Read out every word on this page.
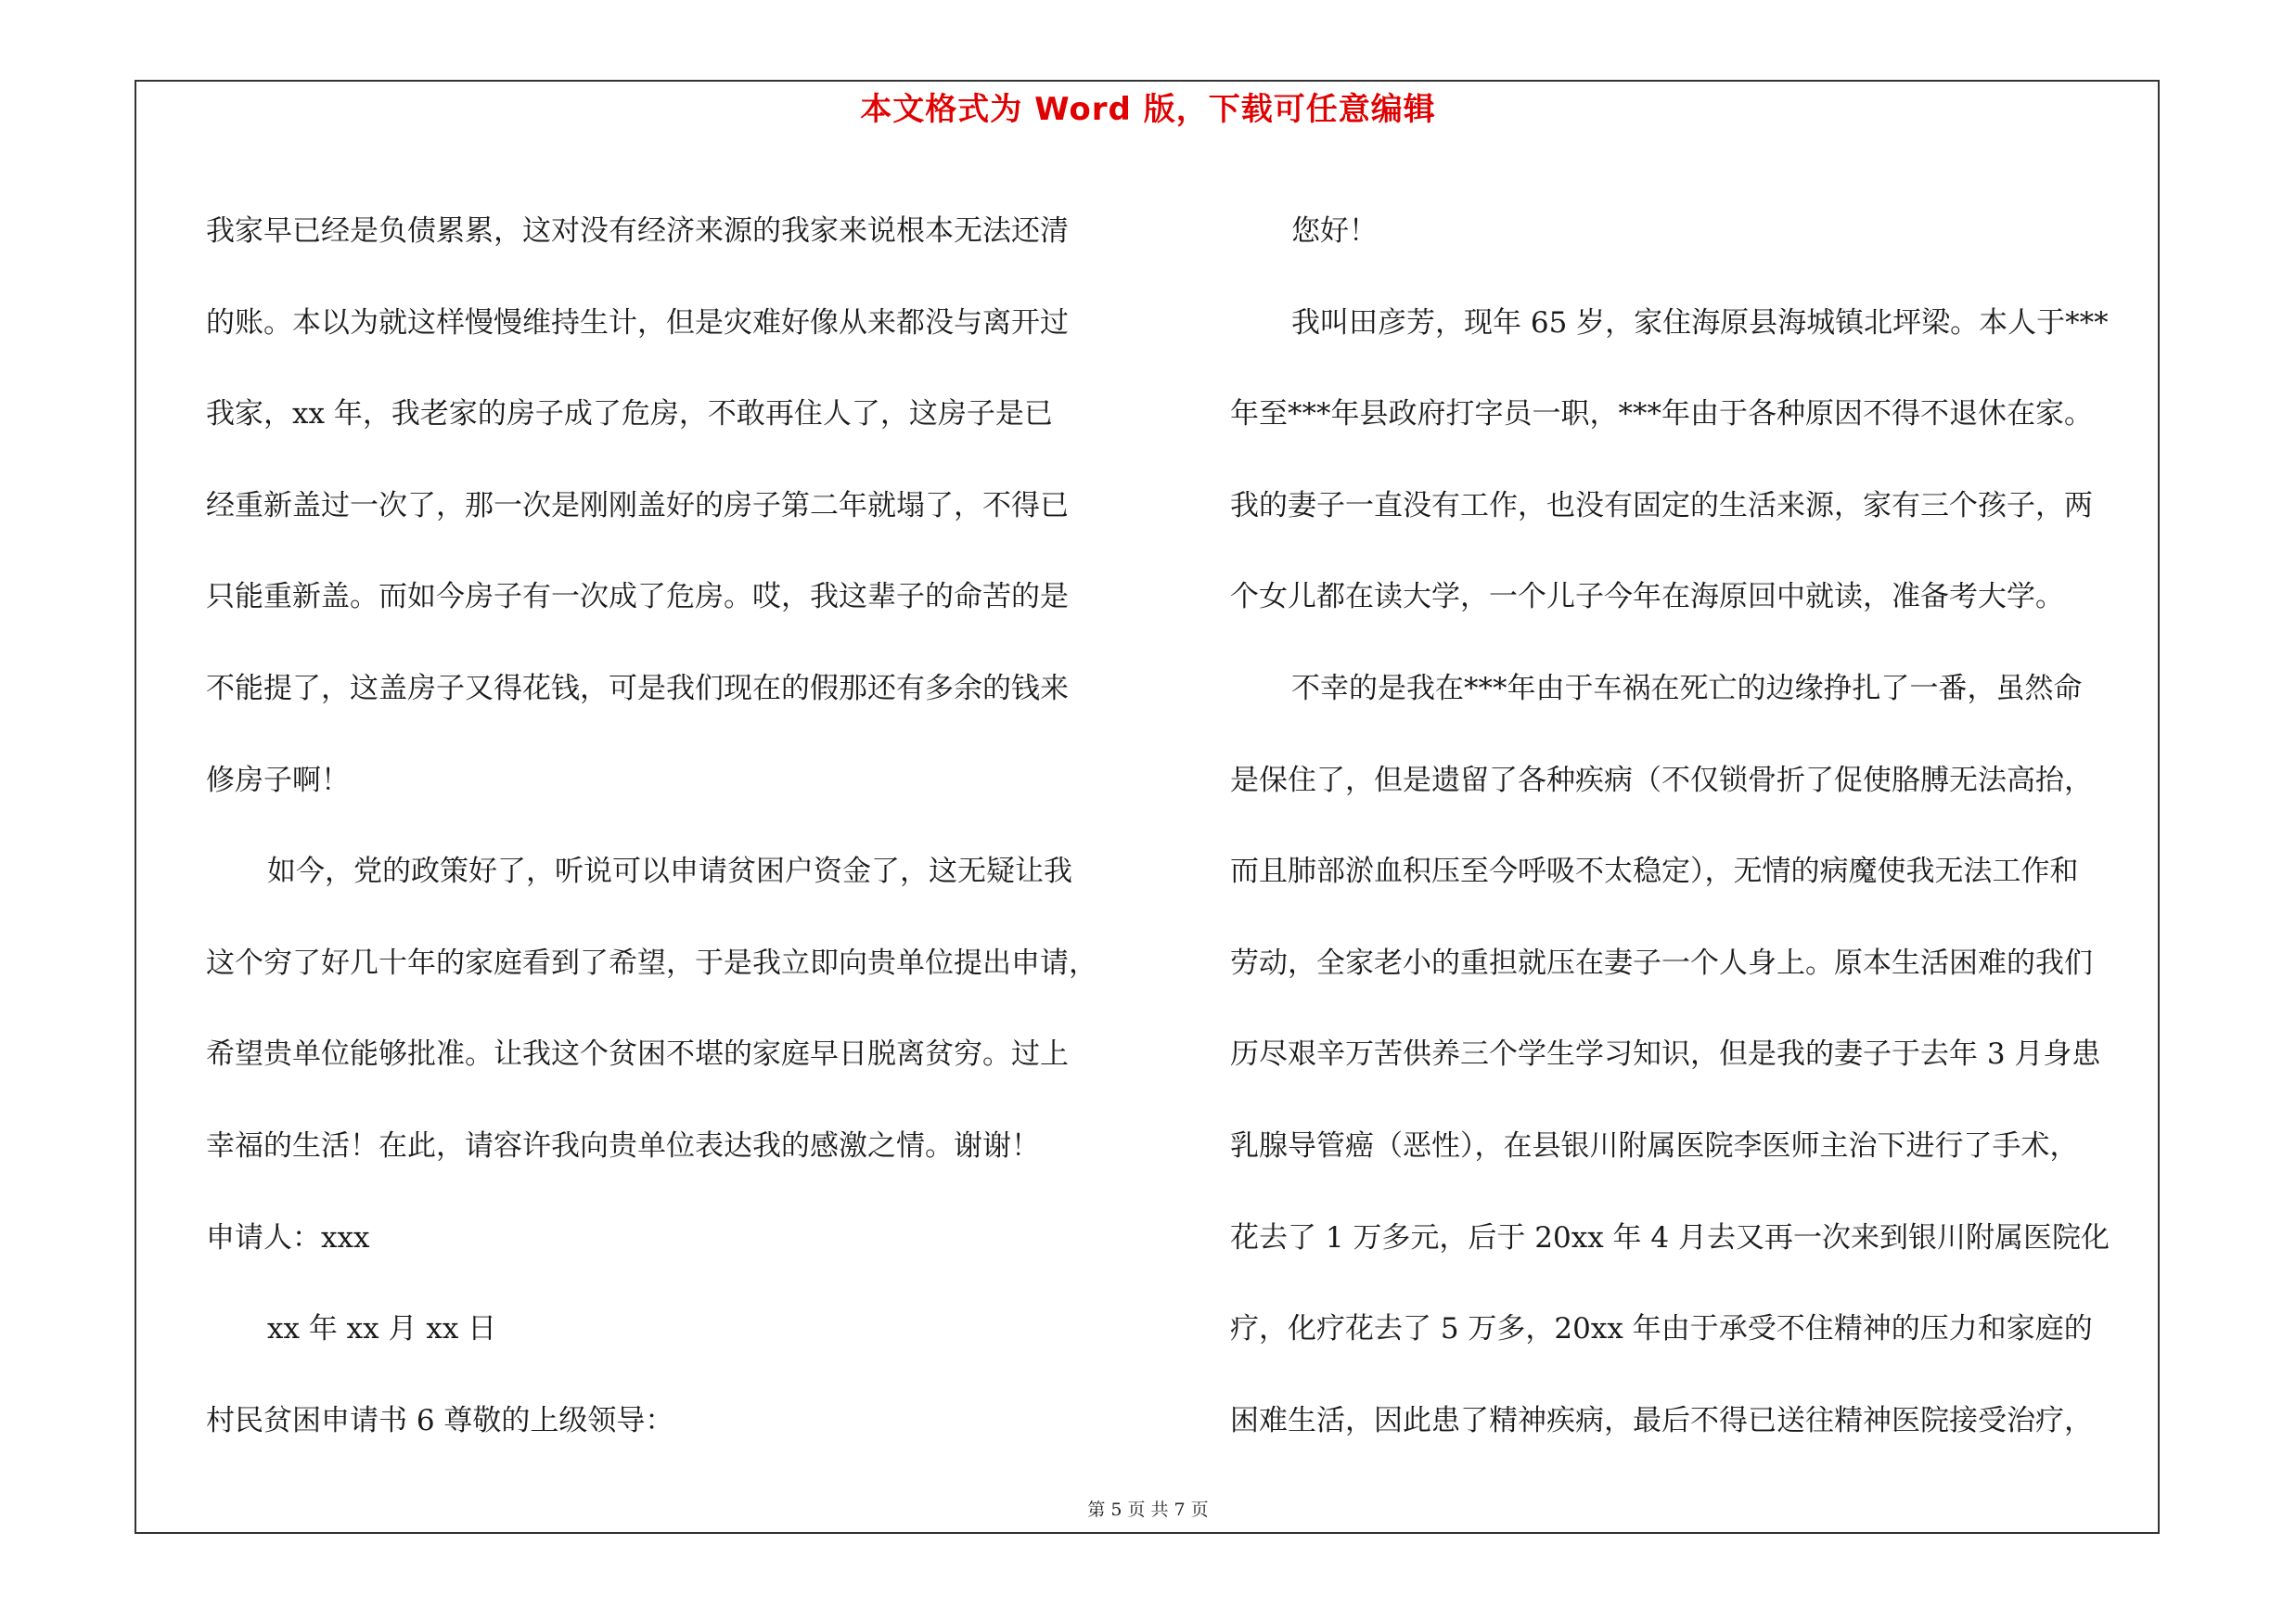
本文格式为 Word 版，下载可任意编辑
我家早已经是负债累累，这对没有经济来源的我家来说根本无法还清
的账。本以为就这样慢慢维持生计，但是灾难好像从来都没与离开过
我家，xx 年，我老家的房子成了危房，不敢再住人了，这房子是已
经重新盖过一次了，那一次是刚刚盖好的房子第二年就塌了，不得已
只能重新盖。而如今房子有一次成了危房。哎，我这辈子的命苦的是
不能提了，这盖房子又得花钱，可是我们现在的假那还有多余的钱来
修房子啊！
如今，党的政策好了，听说可以申请贫困户资金了，这无疑让我
这个穷了好几十年的家庭看到了希望，于是我立即向贵单位提出申请，
希望贵单位能够批准。让我这个贫困不堪的家庭早日脱离贫穷。过上
幸福的生活！在此，请容许我向贵单位表达我的感激之情。谢谢！
申请人：xxx
xx 年 xx 月 xx 日
村民贫困申请书 6 尊敬的上级领导：
您好！
我叫田彦芳，现年 65 岁，家住海原县海城镇北坪梁。本人于***
年至***年县政府打字员一职，***年由于各种原因不得不退休在家。
我的妻子一直没有工作，也没有固定的生活来源，家有三个孩子，两
个女儿都在读大学，一个儿子今年在海原回中就读，准备考大学。
不幸的是我在***年由于车祸在死亡的边缘挣扎了一番，虽然命
是保住了，但是遗留了各种疾病（不仅锁骨折了促使胳膊无法高抬，
而且肺部淤血积压至今呼吸不太稳定），无情的病魔使我无法工作和
劳动，全家老小的重担就压在妻子一个人身上。原本生活困难的我们
历尽艰辛万苦供养三个学生学习知识，但是我的妻子于去年 3 月身患
乳腺导管癌（恶性），在县银川附属医院李医师主治下进行了手术，
花去了 1 万多元，后于 20xx 年 4 月去又再一次来到银川附属医院化
疗，化疗花去了 5 万多，20xx 年由于承受不住精神的压力和家庭的
困难生活，因此患了精神疾病，最后不得已送往精神医院接受治疗，
第 5 页 共 7 页
